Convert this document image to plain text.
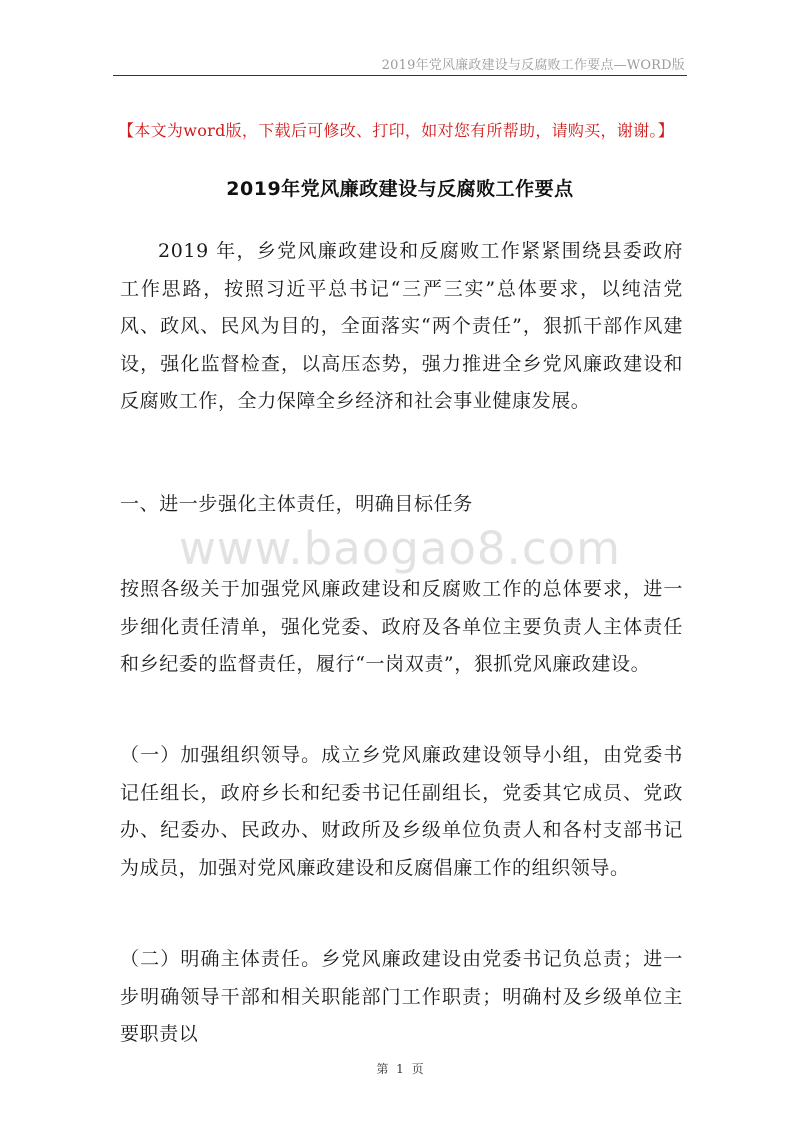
2019年党风廉政建设与反腐败工作要点—WORD版
【本文为word版，下载后可修改、打印，如对您有所帮助，请购买，谢谢。】
2019年党风廉政建设与反腐败工作要点
2019 年，乡党风廉政建设和反腐败工作紧紧围绕县委政府工作思路，按照习近平总书记“三严三实”总体要求，以纯洁党风、政风、民风为目的，全面落实“两个责任”，狠抓干部作风建设，强化监督检查，以高压态势，强力推进全乡党风廉政建设和反腐败工作，全力保障全乡经济和社会事业健康发展。
一、进一步强化主体责任，明确目标任务
www.baogao8.com
按照各级关于加强党风廉政建设和反腐败工作的总体要求，进一步细化责任清单，强化党委、政府及各单位主要负责人主体责任和乡纪委的监督责任，履行“一岗双责”，狠抓党风廉政建设。
（一）加强组织领导。成立乡党风廉政建设领导小组，由党委书记任组长，政府乡长和纪委书记任副组长，党委其它成员、党政办、纪委办、民政办、财政所及乡级单位负责人和各村支部书记为成员，加强对党风廉政建设和反腐倡廉工作的组织领导。
（二）明确主体责任。乡党风廉政建设由党委书记负总责；进一步明确领导干部和相关职能部门工作职责；明确村及乡级单位主要职责以
第 1 页
